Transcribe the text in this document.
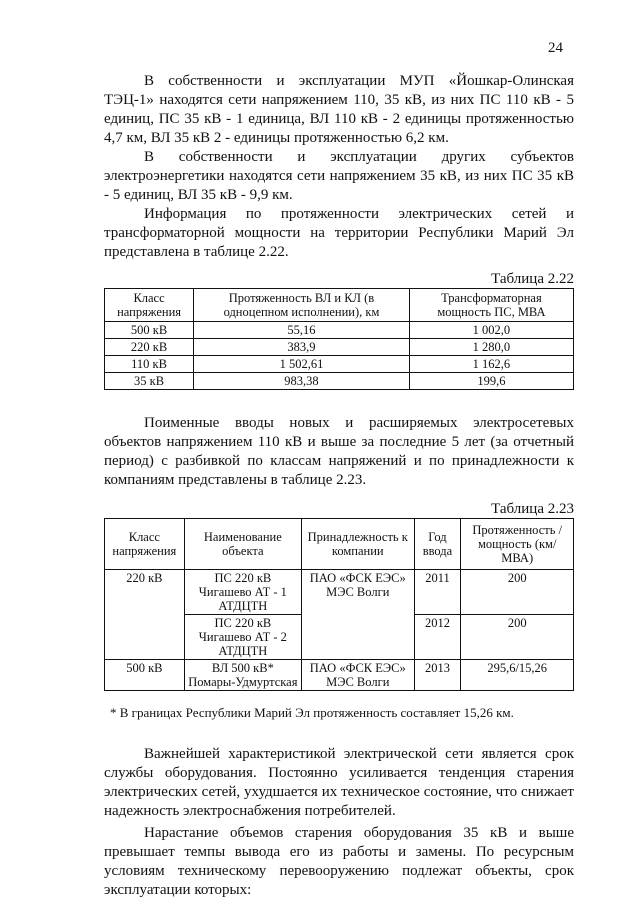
24

В собственности и эксплуатации МУП «Йошкар-Олинская ТЭЦ-1» находятся сети напряжением 110, 35 кВ, из них ПС 110 кВ - 5 единиц, ПС 35 кВ - 1 единица, ВЛ 110 кВ - 2 единицы протяженностью 4,7 км, ВЛ 35 кВ 2 - единицы протяженностью 6,2 км.

В собственности и эксплуатации других субъектов электроэнергетики находятся сети напряжением 35 кВ, из них ПС 35 кВ - 5 единиц, ВЛ 35 кВ - 9,9 км.

Информация по протяженности электрических сетей и трансформаторной мощности на территории Республики Марий Эл представлена в таблице 2.22.

Таблица 2.22
Класс напряжения	Протяженность ВЛ и КЛ (в одноцепном исполнении), км	Трансформаторная мощность ПС, МВА
500 кВ	55,16	1 002,0
220 кВ	383,9	1 280,0
110 кВ	1 502,61	1 162,6
35 кВ	983,38	199,6

Поименные вводы новых и расширяемых электросетевых объектов напряжением 110 кВ и выше за последние 5 лет (за отчетный период) с разбивкой по классам напряжений и по принадлежности к компаниям представлены в таблице 2.23.

Таблица 2.23
Класс напряжения	Наименование объекта	Принадлежность к компании	Год ввода	Протяженность /мощность (км/МВА)
220 кВ	ПС 220 кВ Чигашево АТ - 1 АТДЦТН	ПАО «ФСК ЕЭС» МЭС Волги	2011	200
	ПС 220 кВ Чигашево АТ - 2 АТДЦТН		2012	200
500 кВ	ВЛ 500 кВ* Помары-Удмуртская	ПАО «ФСК ЕЭС» МЭС Волги	2013	295,6/15,26
* В границах Республики Марий Эл протяженность составляет 15,26 км.

Важнейшей характеристикой электрической сети является срок службы оборудования. Постоянно усиливается тенденция старения электрических сетей, ухудшается их техническое состояние, что снижает надежность электроснабжения потребителей.

Нарастание объемов старения оборудования 35 кВ и выше превышает темпы вывода его из работы и замены. По ресурсным условиям техническому перевооружению подлежат объекты, срок эксплуатации которых:
